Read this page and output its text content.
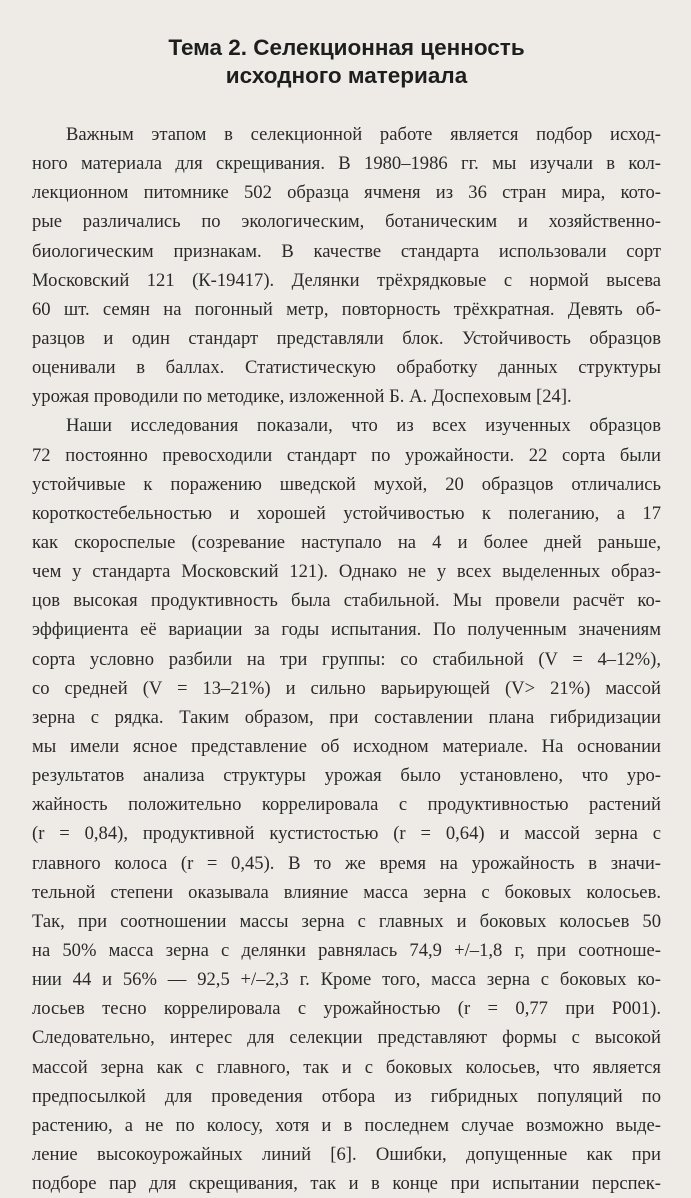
Тема 2. Селекционная ценность
исходного материала
Важным этапом в селекционной работе является подбор исход-
ного материала для скрещивания. В 1980–1986 гг. мы изучали в кол-
лекционном питомнике 502 образца ячменя из 36 стран мира, кото-
рые различались по экологическим, ботаническим и хозяйственно-
биологическим признакам. В качестве стандарта использовали сорт
Московский 121 (К-19417). Делянки трёхрядковые с нормой высева
60 шт. семян на погонный метр, повторность трёхкратная. Девять об-
разцов и один стандарт представляли блок. Устойчивость образцов
оценивали в баллах. Статистическую обработку данных структуры
урожая проводили по методике, изложенной Б. А. Доспеховым [24].
Наши исследования показали, что из всех изученных образцов
72 постоянно превосходили стандарт по урожайности. 22 сорта были
устойчивые к поражению шведской мухой, 20 образцов отличались
короткостебельностью и хорошей устойчивостью к полеганию, а 17
как скороспелые (созревание наступало на 4 и более дней раньше,
чем у стандарта Московский 121). Однако не у всех выделенных образ-
цов высокая продуктивность была стабильной. Мы провели расчёт ко-
эффициента её вариации за годы испытания. По полученным значениям
сорта условно разбили на три группы: со стабильной (V = 4–12%),
со средней (V = 13–21%) и сильно варьирующей (V> 21%) массой
зерна с рядка. Таким образом, при составлении плана гибридизации
мы имели ясное представление об исходном материале. На основании
результатов анализа структуры урожая было установлено, что уро-
жайность положительно коррелировала с продуктивностью растений
(r = 0,84), продуктивной кустистостью (r = 0,64) и массой зерна с
главного колоса (r = 0,45). В то же время на урожайность в значи-
тельной степени оказывала влияние масса зерна с боковых колосьев.
Так, при соотношении массы зерна с главных и боковых колосьев 50
на 50% масса зерна с делянки равнялась 74,9 +/–1,8 г, при соотноше-
нии 44 и 56% — 92,5 +/–2,3 г. Кроме того, масса зерна с боковых ко-
лосьев тесно коррелировала с урожайностью (r = 0,77 при P001).
Следовательно, интерес для селекции представляют формы с высокой
массой зерна как с главного, так и с боковых колосьев, что является
предпосылкой для проведения отбора из гибридных популяций по
растению, а не по колосу, хотя и в последнем случае возможно выде-
ление высокоурожайных линий [6]. Ошибки, допущенные как при
подборе пар для скрещивания, так и в конце при испытании перспек-
